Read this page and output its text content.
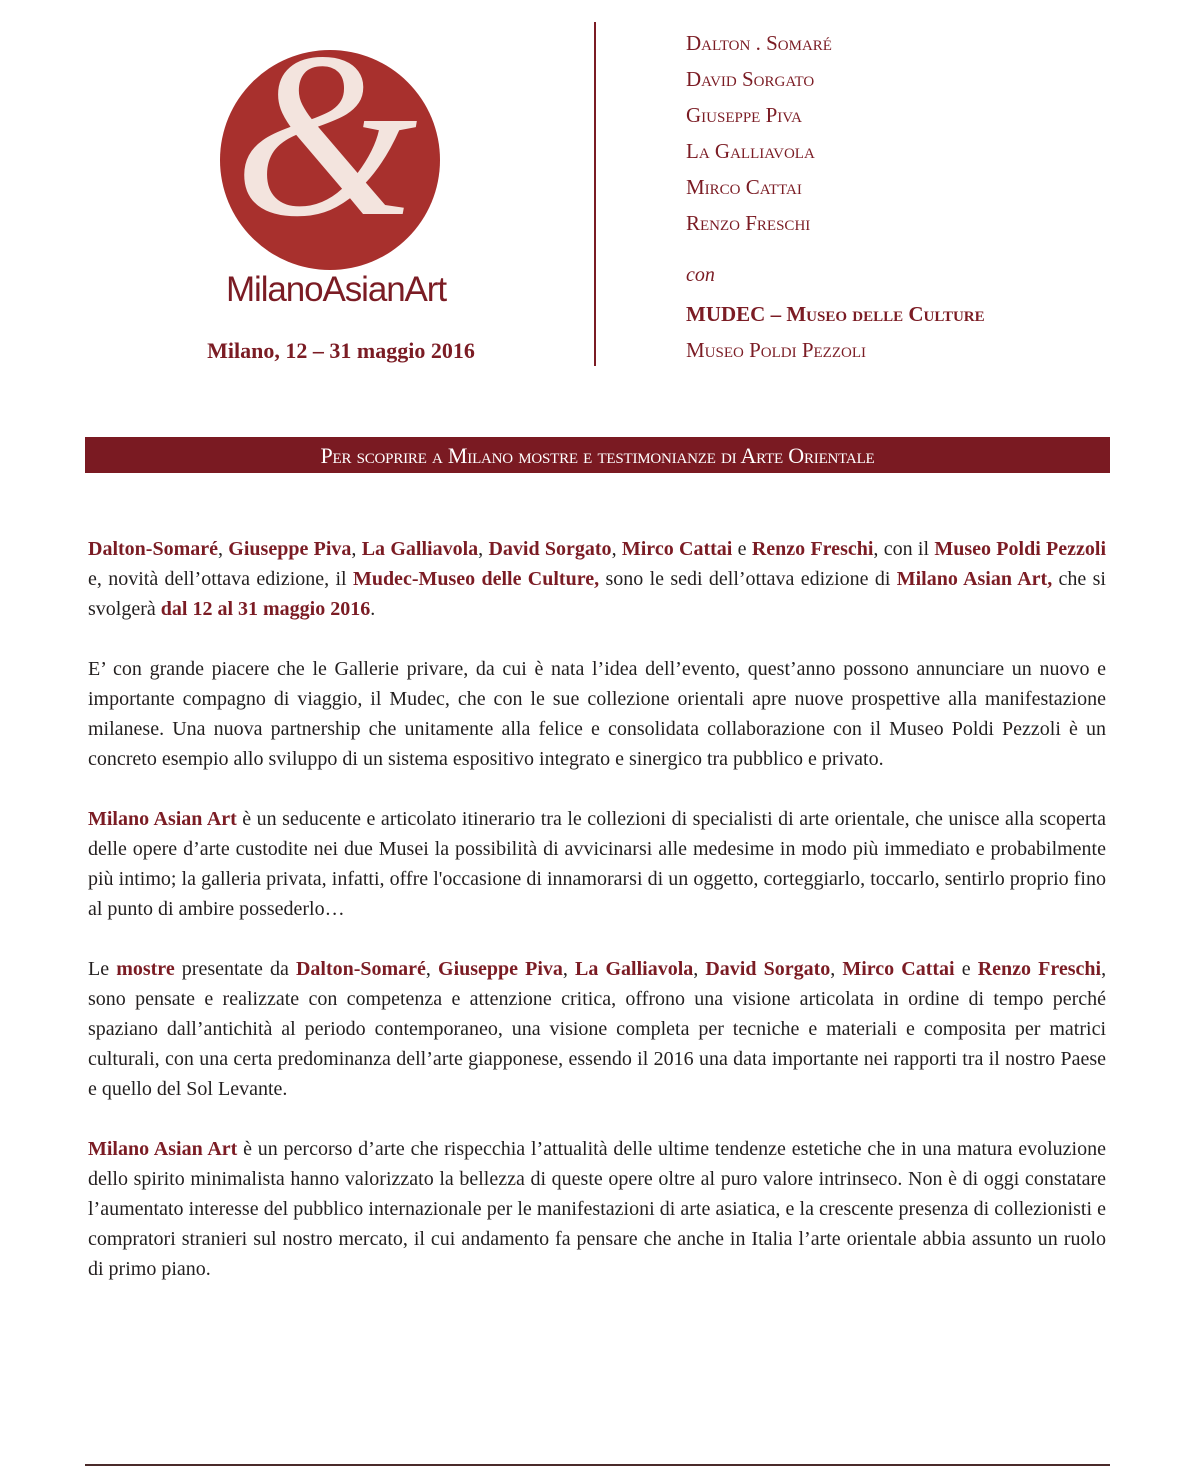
&
MilanoAsianArt
Milano, 12 – 31 maggio 2016
Dalton . Somaré
David Sorgato
Giuseppe Piva
La Galliavola
Mirco Cattai
Renzo Freschi
con
MUDEC – Museo delle Culture
Museo Poldi Pezzoli
Per scoprire a Milano mostre e testimonianze di Arte Orientale

Dalton-Somaré, Giuseppe Piva, La Galliavola, David Sorgato, Mirco Cattai e Renzo Freschi, con il Museo Poldi Pezzoli e, novità dell’ottava edizione, il Mudec-Museo delle Culture, sono le sedi dell’ottava edizione di Milano Asian Art, che si svolgerà dal 12 al 31 maggio 2016.

E’ con grande piacere che le Gallerie privare, da cui è nata l’idea dell’evento, quest’anno possono annunciare un nuovo e importante compagno di viaggio, il Mudec, che con le sue collezione orientali apre nuove prospettive alla manifestazione milanese. Una nuova partnership che unitamente alla felice e consolidata collaborazione con il Museo Poldi Pezzoli è un concreto esempio allo sviluppo di un sistema espositivo integrato e sinergico tra pubblico e privato.

Milano Asian Art è un seducente e articolato itinerario tra le collezioni di specialisti di arte orientale, che unisce alla scoperta delle opere d’arte custodite nei due Musei la possibilità di avvicinarsi alle medesime in modo più immediato e probabilmente più intimo; la galleria privata, infatti, offre l'occasione di innamorarsi di un oggetto, corteggiarlo, toccarlo, sentirlo proprio fino al punto di ambire possederlo…

Le mostre presentate da Dalton-Somaré, Giuseppe Piva, La Galliavola, David Sorgato, Mirco Cattai e Renzo Freschi, sono pensate e realizzate con competenza e attenzione critica, offrono una visione articolata in ordine di tempo perché spaziano dall’antichità al periodo contemporaneo, una visione completa per tecniche e materiali e composita per matrici culturali, con una certa predominanza dell’arte giapponese, essendo il 2016 una data importante nei rapporti tra il nostro Paese e quello del Sol Levante.

Milano Asian Art è un percorso d’arte che rispecchia l’attualità delle ultime tendenze estetiche che in una matura evoluzione dello spirito minimalista hanno valorizzato la bellezza di queste opere oltre al puro valore intrinseco. Non è di oggi constatare l’aumentato interesse del pubblico internazionale per le manifestazioni di arte asiatica, e la crescente presenza di collezionisti e compratori stranieri sul nostro mercato, il cui andamento fa pensare che anche in Italia l’arte orientale abbia assunto un ruolo di primo piano.
